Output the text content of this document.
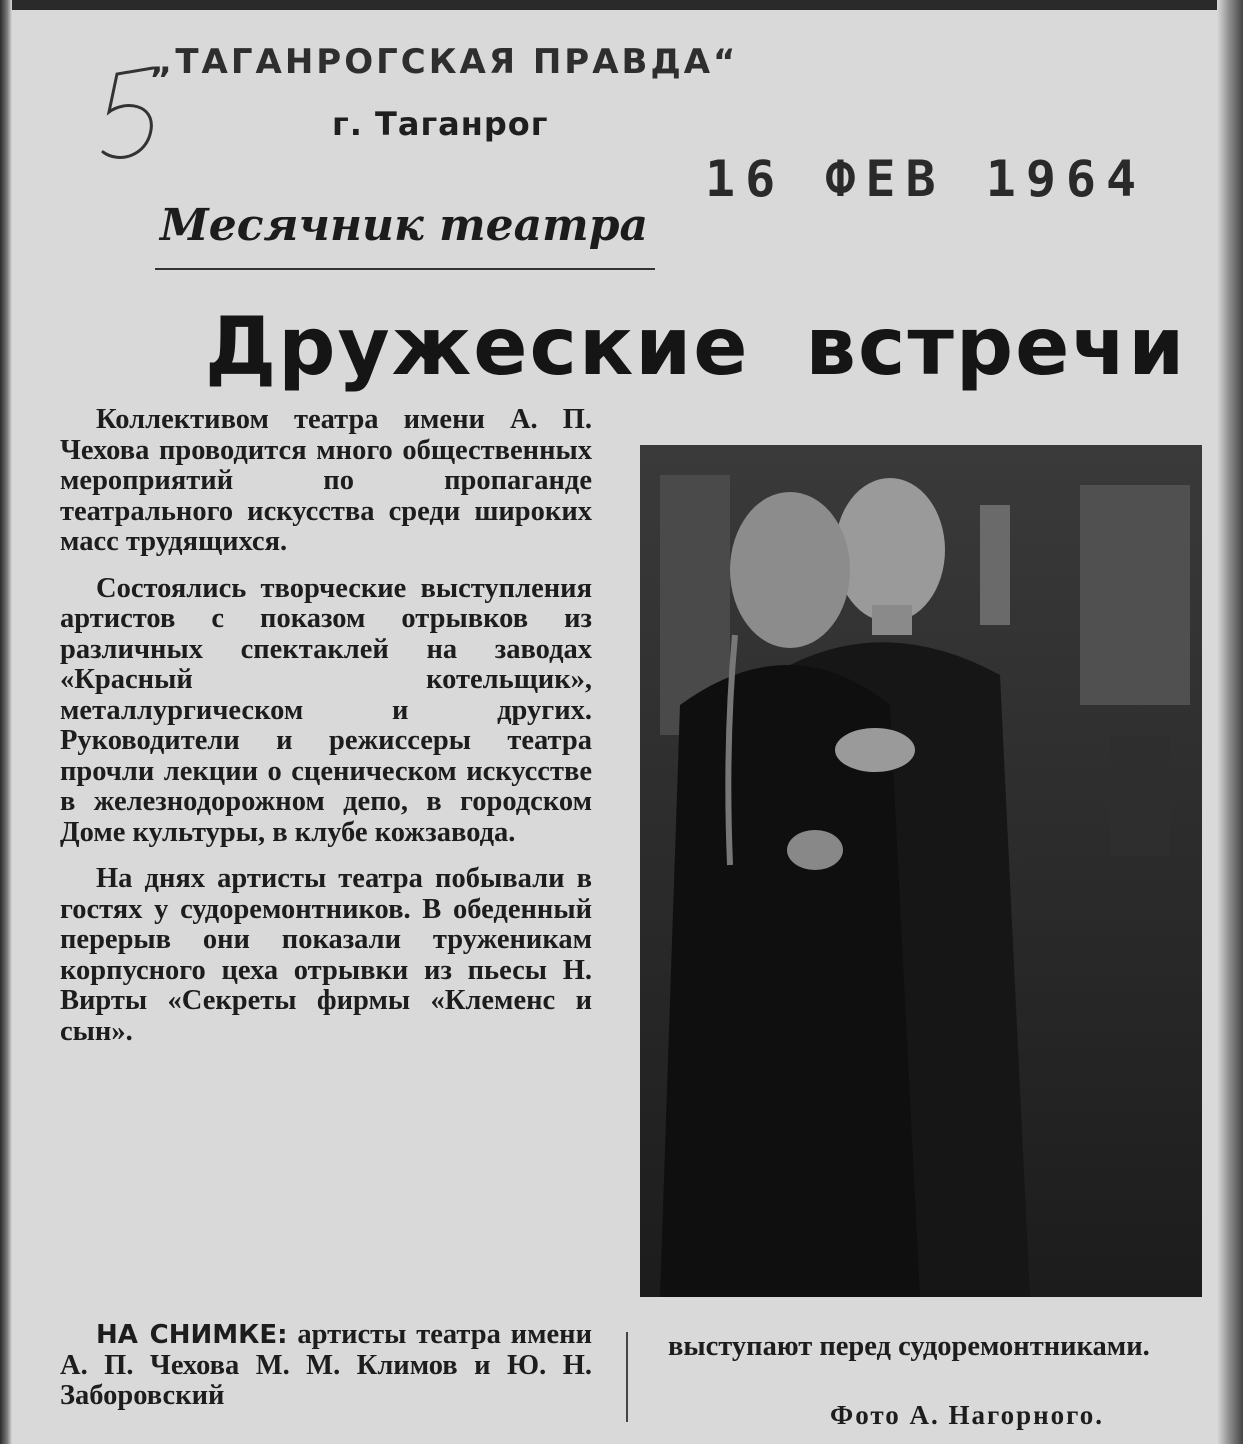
„ТАГАНРОГСКАЯ ПРАВДА“
г. Таганрог
16 ФЕВ 1964
Месячник театра
Дружеские встречи

Коллективом театра имени А. П. Чехова проводится много общественных мероприятий по пропаганде театрального искусства среди широких масс трудящихся.

Состоялись творческие выступления артистов с показом отрывков из различных спектаклей на заводах «Красный котельщик», металлургическом и других. Руководители и режиссеры театра прочли лекции о сценическом искусстве в железнодорожном депо, в городском Доме культуры, в клубе кожзавода.

На днях артисты театра побывали в гостях у судоремонтников. В обеденный перерыв они показали труженикам корпусного цеха отрывки из пьесы Н. Вирты «Секреты фирмы «Клеменс и сын».

НА СНИМКЕ: артисты театра имени А. П. Чехова М. М. Климов и Ю. Н. Заборовский
выступают перед судоремонтниками.
Фото А. Нагорного.
